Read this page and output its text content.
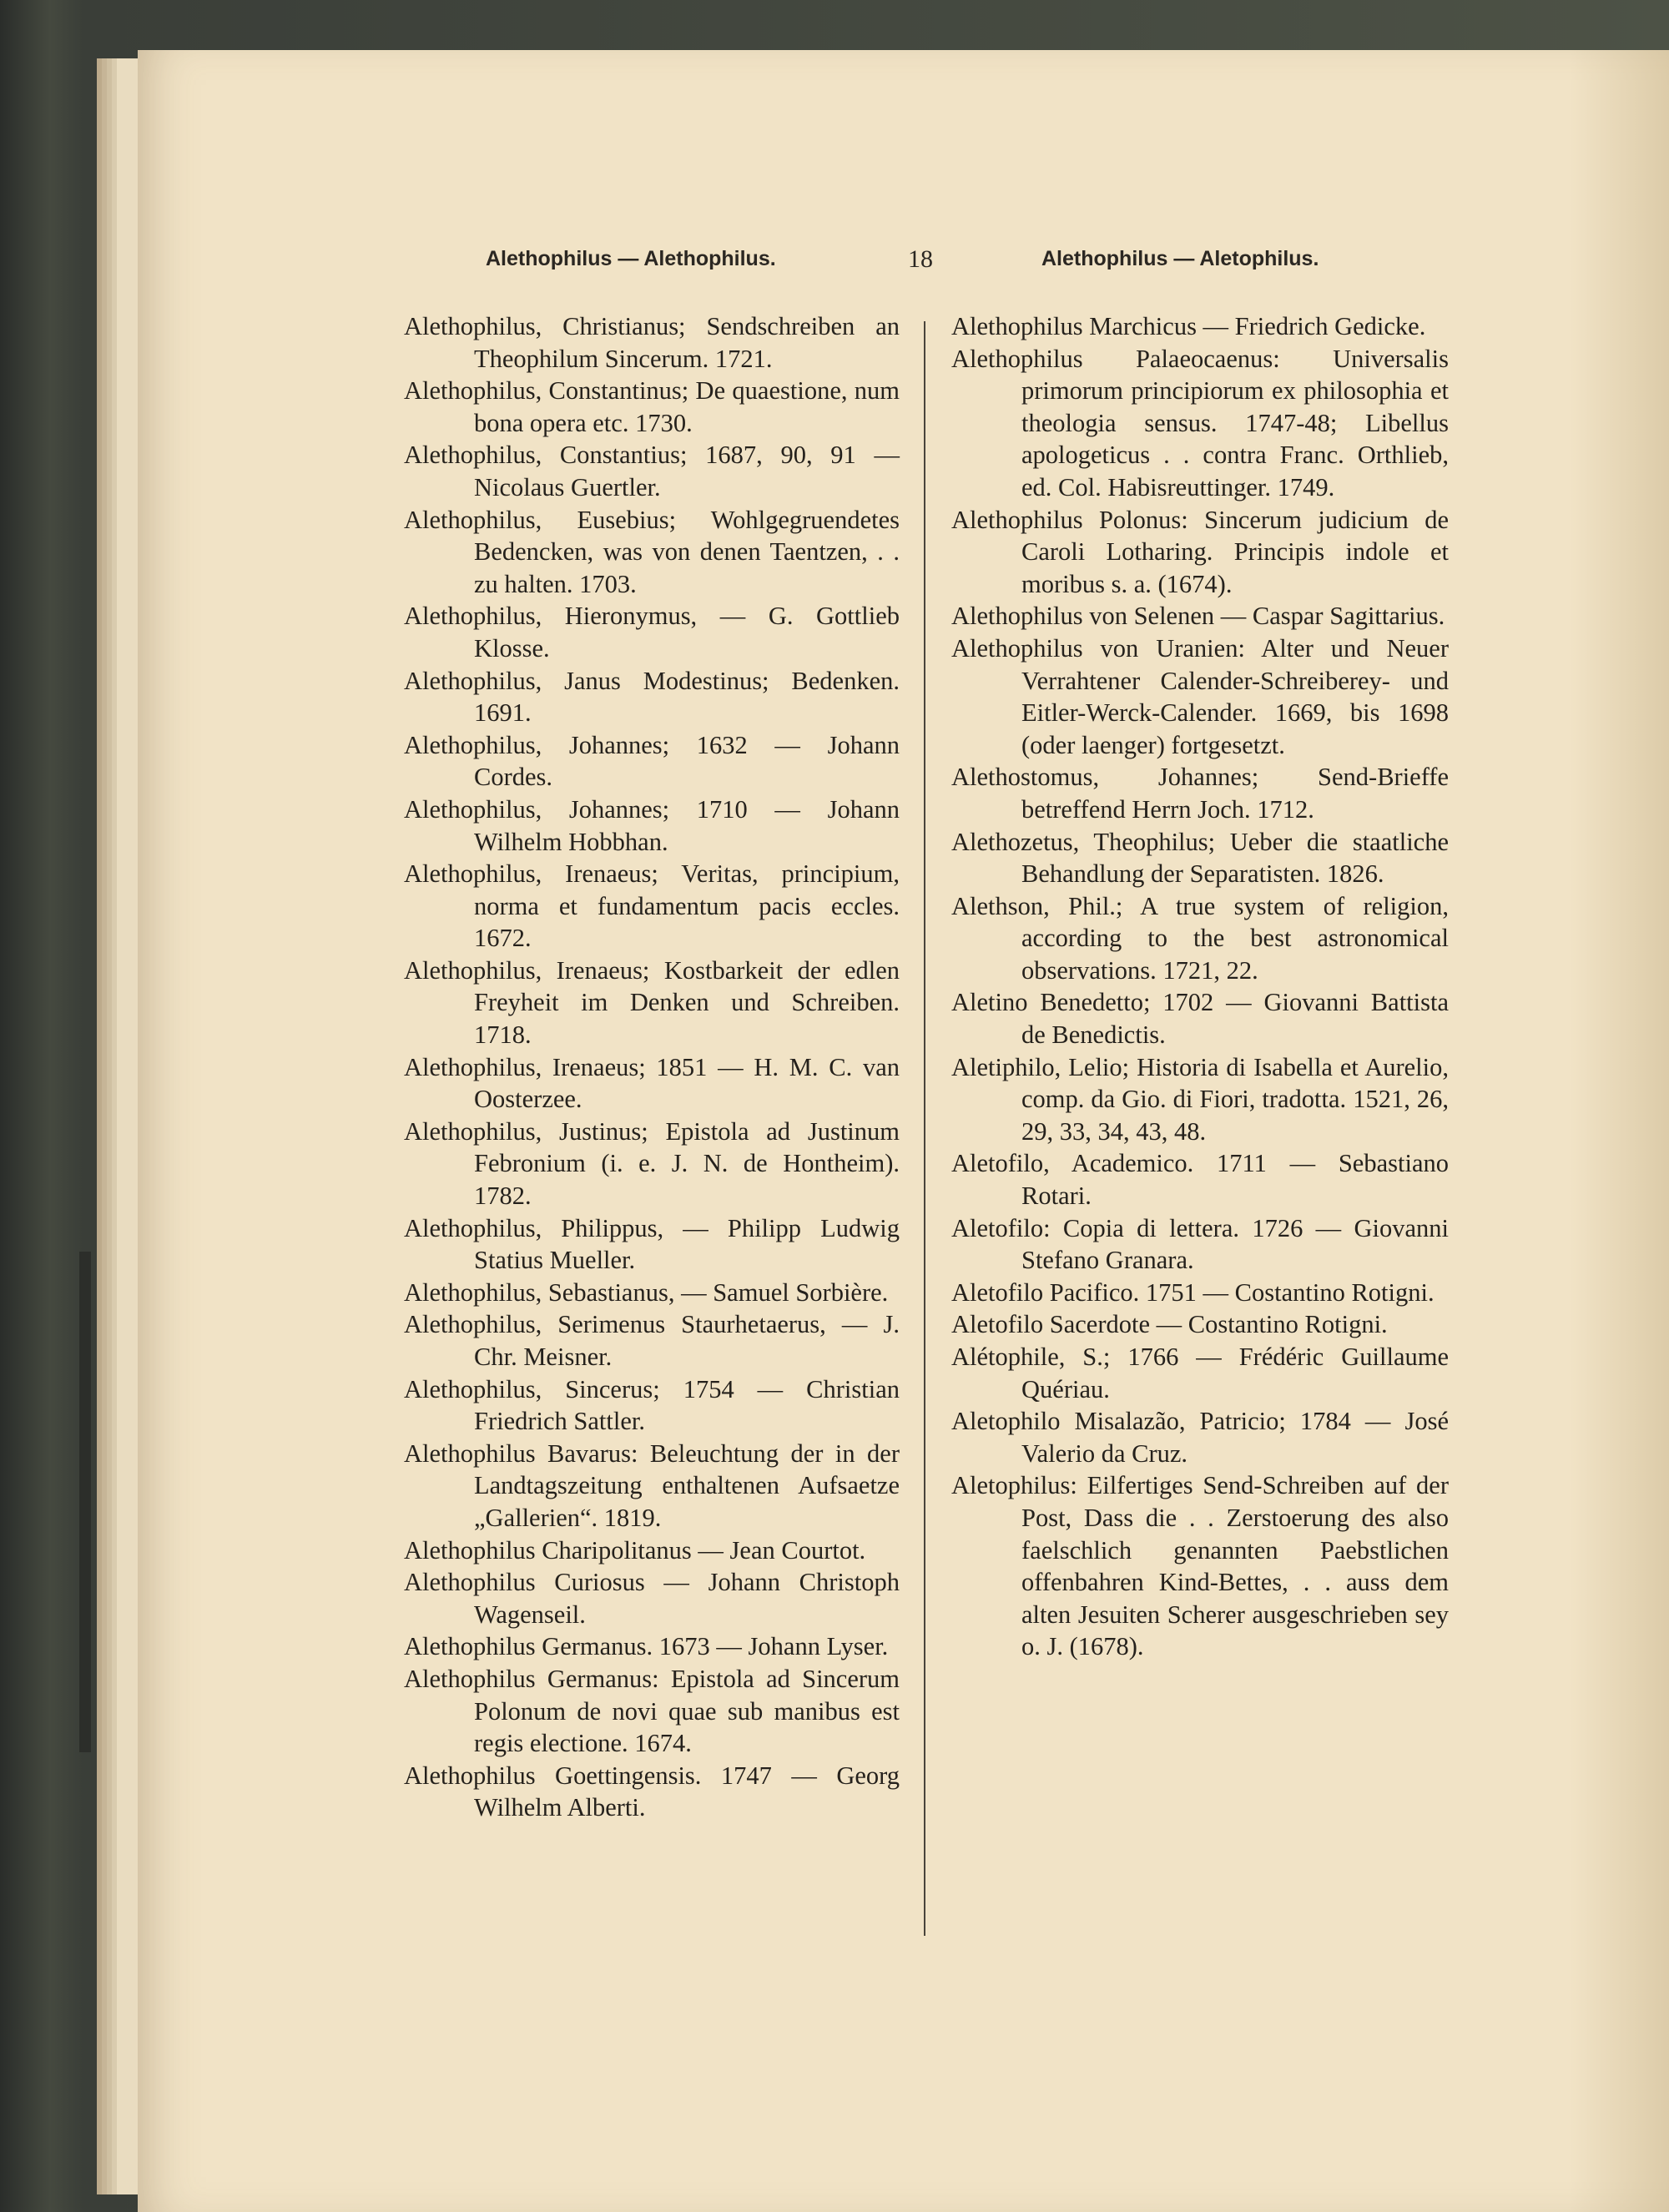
Alethophilus — Alethophilus.	18	Alethophilus — Aletophilus.

Alethophilus, Christianus; Sendschreiben an Theophilum Sincerum. 1721.

Alethophilus, Constantinus; De quaestione, num bona opera etc. 1730.

Alethophilus, Constantius; 1687, 90, 91 — Nicolaus Guertler.

Alethophilus, Eusebius; Wohlgegruendetes Bedencken, was von denen Taentzen, . . zu halten. 1703.

Alethophilus, Hieronymus, — G. Gottlieb Klosse.

Alethophilus, Janus Modestinus; Bedenken. 1691.

Alethophilus, Johannes; 1632 — Johann Cordes.

Alethophilus, Johannes; 1710 — Johann Wilhelm Hobbhan.

Alethophilus, Irenaeus; Veritas, principium, norma et fundamentum pacis eccles. 1672.

Alethophilus, Irenaeus; Kostbarkeit der edlen Freyheit im Denken und Schreiben. 1718.

Alethophilus, Irenaeus; 1851 — H. M. C. van Oosterzee.

Alethophilus, Justinus; Epistola ad Justinum Febronium (i. e. J. N. de Hontheim). 1782.

Alethophilus, Philippus, — Philipp Ludwig Statius Mueller.

Alethophilus, Sebastianus, — Samuel Sorbière.

Alethophilus, Serimenus Staurhetaerus, — J. Chr. Meisner.

Alethophilus, Sincerus; 1754 — Christian Friedrich Sattler.

Alethophilus Bavarus: Beleuchtung der in der Landtagszeitung enthaltenen Aufsaetze „Gallerien“. 1819.

Alethophilus Charipolitanus — Jean Courtot.

Alethophilus Curiosus — Johann Christoph Wagenseil.

Alethophilus Germanus. 1673 — Johann Lyser.

Alethophilus Germanus: Epistola ad Sincerum Polonum de novi quae sub manibus est regis electione. 1674.

Alethophilus Goettingensis. 1747 — Georg Wilhelm Alberti.

Alethophilus Marchicus — Friedrich Gedicke.

Alethophilus Palaeocaenus: Universalis primorum principiorum ex philosophia et theologia sensus. 1747-48; Libellus apologeticus . . contra Franc. Orthlieb, ed. Col. Habisreuttinger. 1749.

Alethophilus Polonus: Sincerum judicium de Caroli Lotharing. Principis indole et moribus s. a. (1674).

Alethophilus von Selenen — Caspar Sagittarius.

Alethophilus von Uranien: Alter und Neuer Verrahtener Calender-Schreiberey- und Eitler-Werck-Calender. 1669, bis 1698 (oder laenger) fortgesetzt.

Alethostomus, Johannes; Send-Brieffe betreffend Herrn Joch. 1712.

Alethozetus, Theophilus; Ueber die staatliche Behandlung der Separatisten. 1826.

Alethson, Phil.; A true system of religion, according to the best astronomical observations. 1721, 22.

Aletino Benedetto; 1702 — Giovanni Battista de Benedictis.

Aletiphilo, Lelio; Historia di Isabella et Aurelio, comp. da Gio. di Fiori, tradotta. 1521, 26, 29, 33, 34, 43, 48.

Aletofilo, Academico. 1711 — Sebastiano Rotari.

Aletofilo: Copia di lettera. 1726 — Giovanni Stefano Granara.

Aletofilo Pacifico. 1751 — Costantino Rotigni.

Aletofilo Sacerdote — Costantino Rotigni.

Alétophile, S.; 1766 — Frédéric Guillaume Quériau.

Aletophilo Misalazão, Patricio; 1784 — José Valerio da Cruz.

Aletophilus: Eilfertiges Send-Schreiben auf der Post, Dass die . . Zerstoerung des also faelschlich genannten Paebstlichen offenbahren Kind-Bettes, . . auss dem alten Jesuiten Scherer ausgeschrieben sey o. J. (1678).
